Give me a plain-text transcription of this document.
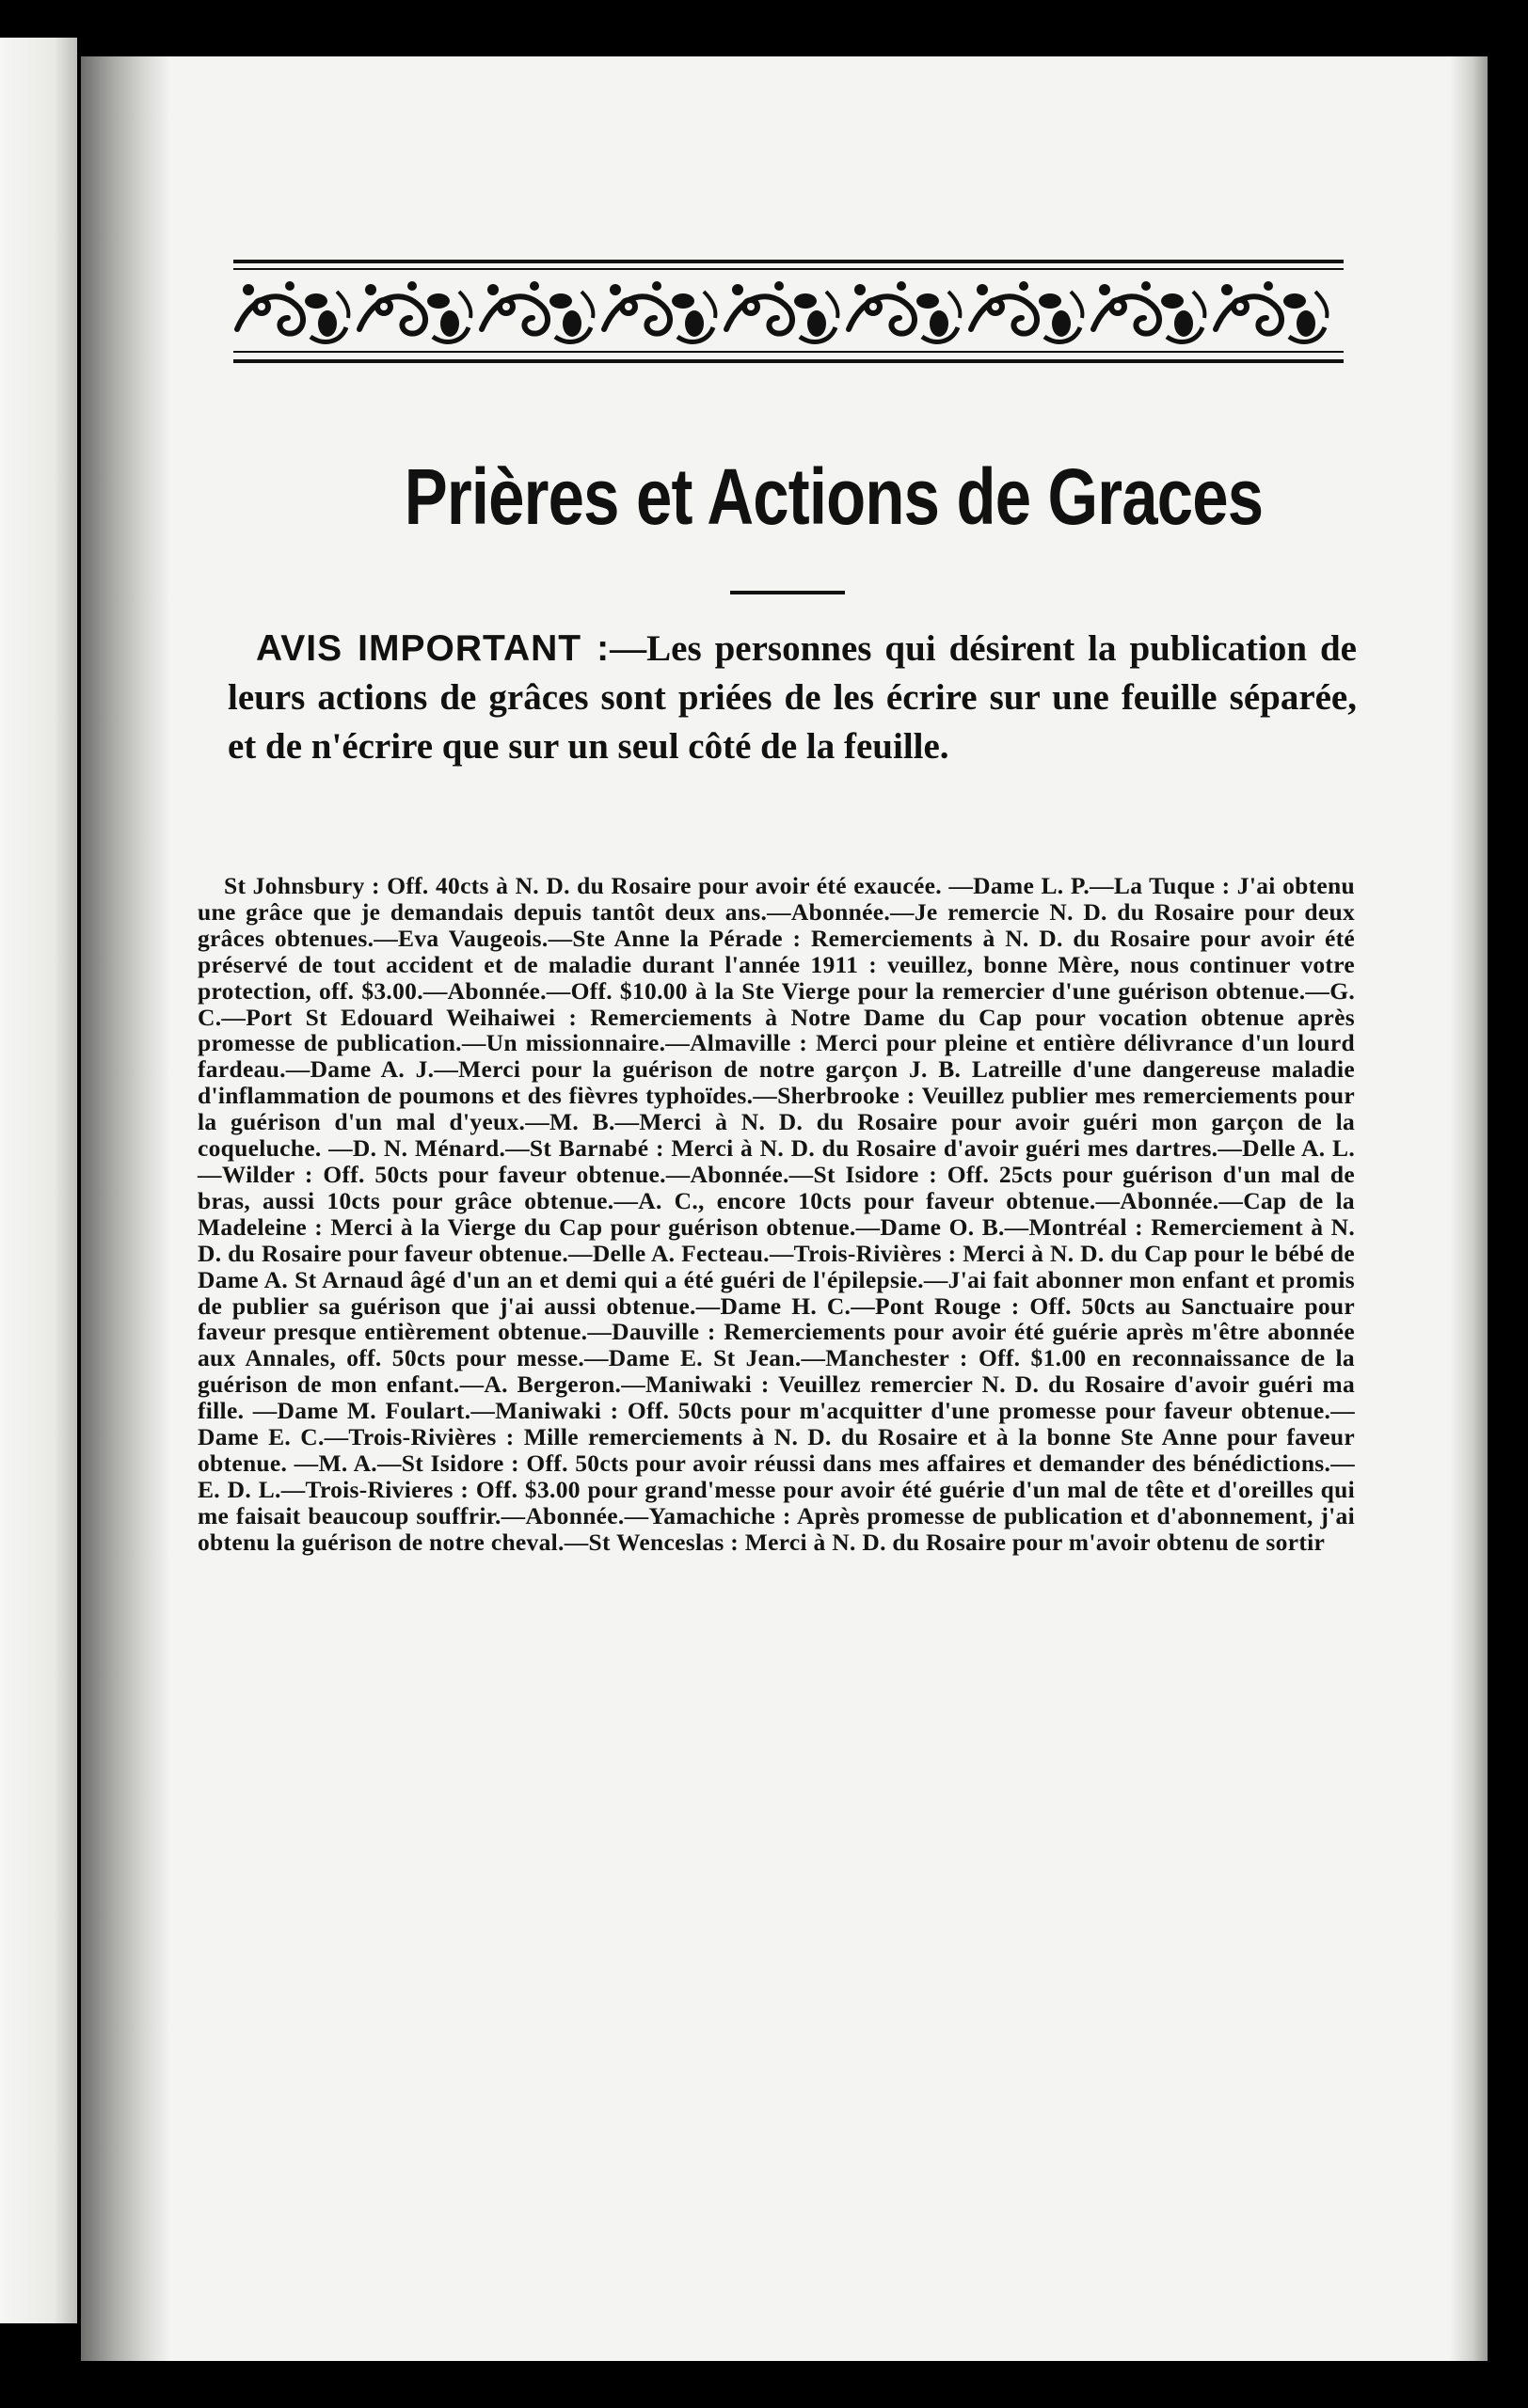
Prières et Actions de Graces
AVIS IMPORTANT :—Les personnes qui désirent la publication de leurs actions de grâces sont priées de les écrire sur une feuille séparée, et de n'écrire que sur un seul côté de la feuille.
St Johnsbury : Off. 40cts à N. D. du Rosaire pour avoir été exaucée. —Dame L. P.—La Tuque : J'ai obtenu une grâce que je demandais depuis tantôt deux ans.—Abonnée.—Je remercie N. D. du Rosaire pour deux grâces obtenues.—Eva Vaugeois.—Ste Anne la Pérade : Remerciements à N. D. du Rosaire pour avoir été préservé de tout accident et de maladie durant l'année 1911 : veuillez, bonne Mère, nous continuer votre protection, off. $3.00.—Abonnée.—Off. $10.00 à la Ste Vierge pour la remercier d'une guérison obtenue.—G. C.—Port St Edouard Weihaiwei : Remerciements à Notre Dame du Cap pour vocation obtenue après promesse de publication.—Un missionnaire.—Almaville : Merci pour pleine et entière délivrance d'un lourd fardeau.—Dame A. J.—Merci pour la guérison de notre garçon J. B. Latreille d'une dangereuse maladie d'inflammation de poumons et des fièvres typhoïdes.—Sherbrooke : Veuillez publier mes remerciements pour la guérison d'un mal d'yeux.—M. B.—Merci à N. D. du Rosaire pour avoir guéri mon garçon de la coqueluche. —D. N. Ménard.—St Barnabé : Merci à N. D. du Rosaire d'avoir guéri mes dartres.—Delle A. L.—Wilder : Off. 50cts pour faveur obtenue.—Abonnée.—St Isidore : Off. 25cts pour guérison d'un mal de bras, aussi 10cts pour grâce obtenue.—A. C., encore 10cts pour faveur obtenue.—Abonnée.—Cap de la Madeleine : Merci à la Vierge du Cap pour guérison obtenue.—Dame O. B.—Montréal : Remerciement à N. D. du Rosaire pour faveur obtenue.—Delle A. Fecteau.—Trois-Rivières : Merci à N. D. du Cap pour le bébé de Dame A. St Arnaud âgé d'un an et demi qui a été guéri de l'épilepsie.—J'ai fait abonner mon enfant et promis de publier sa guérison que j'ai aussi obtenue.—Dame H. C.—Pont Rouge : Off. 50cts au Sanctuaire pour faveur presque entièrement obtenue.—Dauville : Remerciements pour avoir été guérie après m'être abonnée aux Annales, off. 50cts pour messe.—Dame E. St Jean.—Manchester : Off. $1.00 en reconnaissance de la guérison de mon enfant.—A. Bergeron.—Maniwaki : Veuillez remercier N. D. du Rosaire d'avoir guéri ma fille. —Dame M. Foulart.—Maniwaki : Off. 50cts pour m'acquitter d'une promesse pour faveur obtenue.—Dame E. C.—Trois-Rivières : Mille remerciements à N. D. du Rosaire et à la bonne Ste Anne pour faveur obtenue. —M. A.—St Isidore : Off. 50cts pour avoir réussi dans mes affaires et demander des bénédictions.—E. D. L.—Trois-Rivieres : Off. $3.00 pour grand'messe pour avoir été guérie d'un mal de tête et d'oreilles qui me faisait beaucoup souffrir.—Abonnée.—Yamachiche : Après promesse de publication et d'abonnement, j'ai obtenu la guérison de notre cheval.—St Wenceslas : Merci à N. D. du Rosaire pour m'avoir obtenu de sortir
